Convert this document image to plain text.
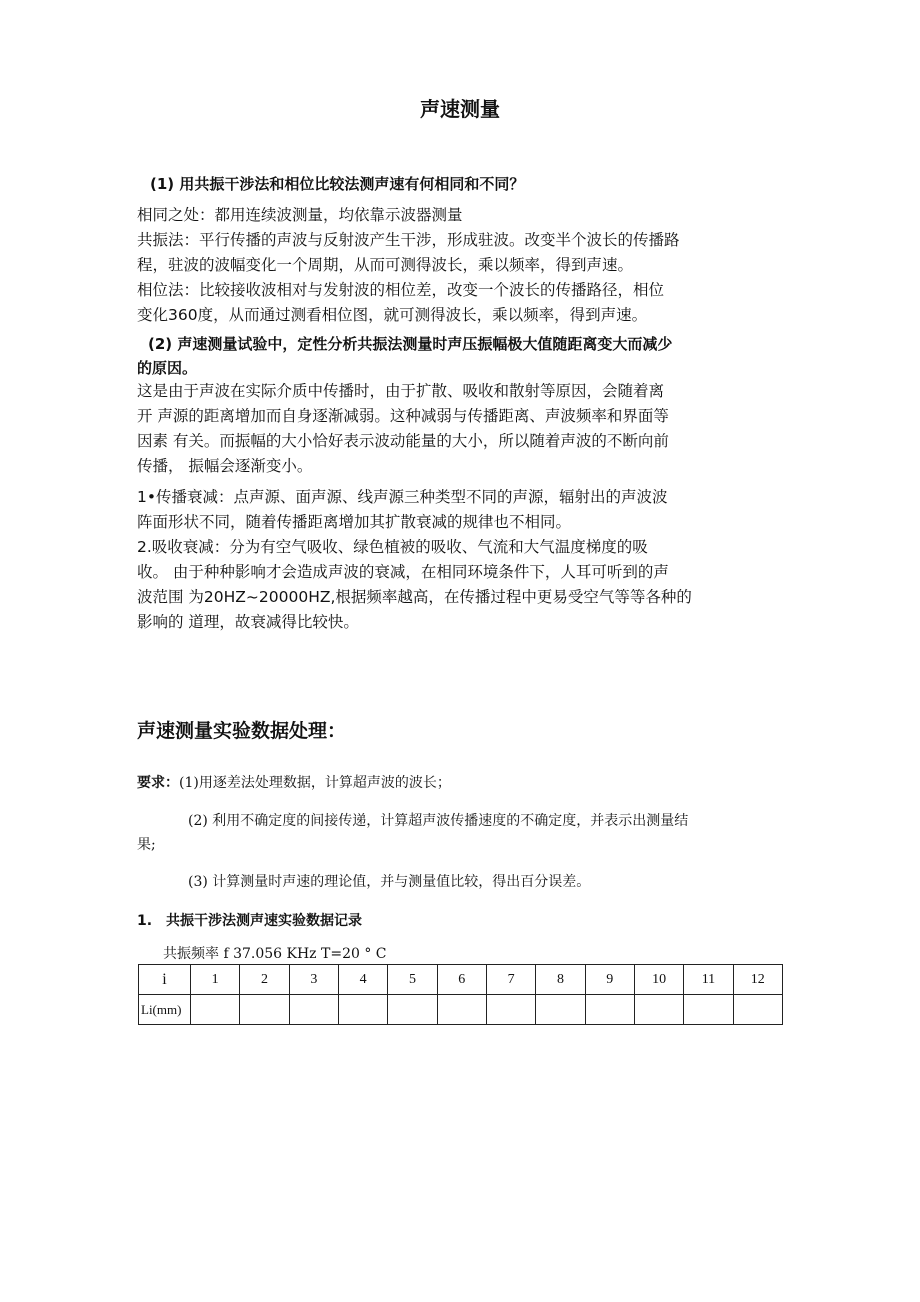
声速测量
(1) 用共振干涉法和相位比较法测声速有何相同和不同？
相同之处：都用连续波测量，均依靠示波器测量
共振法：平行传播的声波与反射波产生干涉，形成驻波。改变半个波长的传播路
程，驻波的波幅变化一个周期，从而可测得波长，乘以频率，得到声速。
相位法：比较接收波相对与发射波的相位差，改变一个波长的传播路径，相位
变化360度，从而通过测看相位图，就可测得波长，乘以频率，得到声速。
(2) 声速测量试验中，定性分析共振法测量时声压振幅极大值随距离变大而减少
的原因。
这是由于声波在实际介质中传播时，由于扩散、吸收和散射等原因，会随着离
开 声源的距离增加而自身逐渐减弱。这种减弱与传播距离、声波频率和界面等
因素 有关。而振幅的大小恰好表示波动能量的大小，所以随着声波的不断向前
传播， 振幅会逐渐变小。
1•传播衰减：点声源、面声源、线声源三种类型不同的声源，辐射出的声波波
阵面形状不同，随着传播距离增加其扩散衰减的规律也不相同。
2.吸收衰减：分为有空气吸收、绿色植被的吸收、气流和大气温度梯度的吸
收。 由于种种影响才会造成声波的衰减，在相同环境条件下，人耳可听到的声
波范围 为20HZ~20000HZ,根据频率越高，在传播过程中更易受空气等等各种的
影响的 道理，故衰减得比较快。
声速测量实验数据处理：
要求：(1)用逐差法处理数据，计算超声波的波长；
(2) 利用不确定度的间接传递，计算超声波传播速度的不确定度，并表示出测量结
果;
(3) 计算测量时声速的理论值，并与测量值比较，得出百分误差。
1. 共振干涉法测声速实验数据记录
共振频率 f 37.056 KHz T=20 ° C
i	1	2	3	4	5	6	7	8	9	10	11	12
Li(mm)												
